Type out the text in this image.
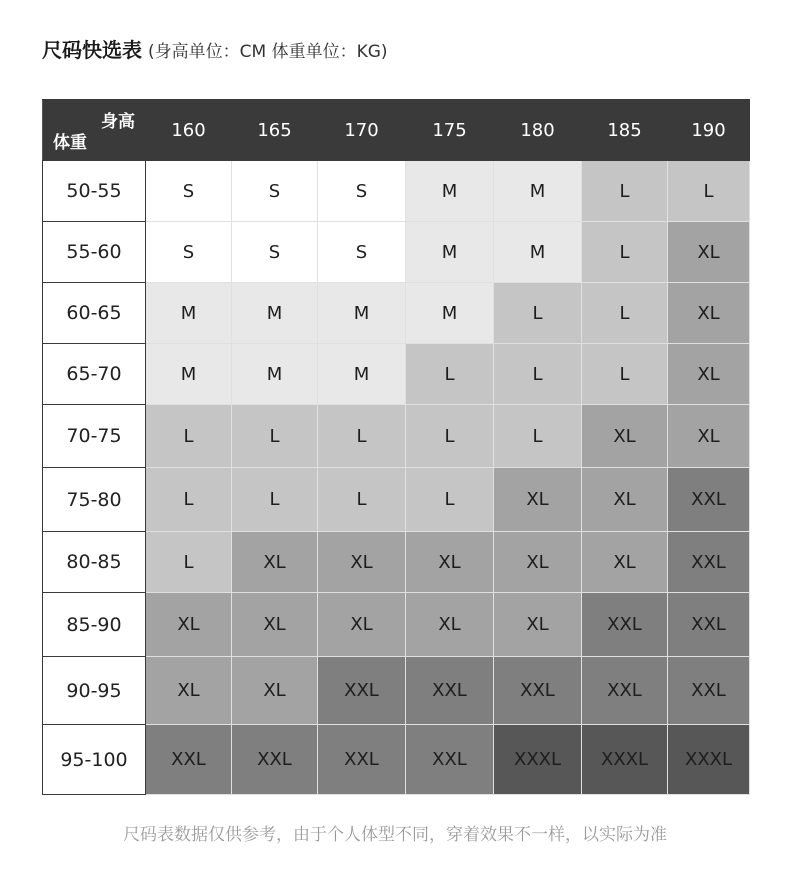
尺码快选表 (身高单位：CM 体重单位：KG)
身高
体重	160	165	170	175	180	185	190
50-55	S	S	S	M	M	L	L
55-60	S	S	S	M	M	L	XL
60-65	M	M	M	M	L	L	XL
65-70	M	M	M	L	L	L	XL
70-75	L	L	L	L	L	XL	XL
75-80	L	L	L	L	XL	XL	XXL
80-85	L	XL	XL	XL	XL	XL	XXL
85-90	XL	XL	XL	XL	XL	XXL	XXL
90-95	XL	XL	XXL	XXL	XXL	XXL	XXL
95-100	XXL	XXL	XXL	XXL	XXXL	XXXL	XXXL
尺码表数据仅供参考，由于个人体型不同，穿着效果不一样，以实际为准
